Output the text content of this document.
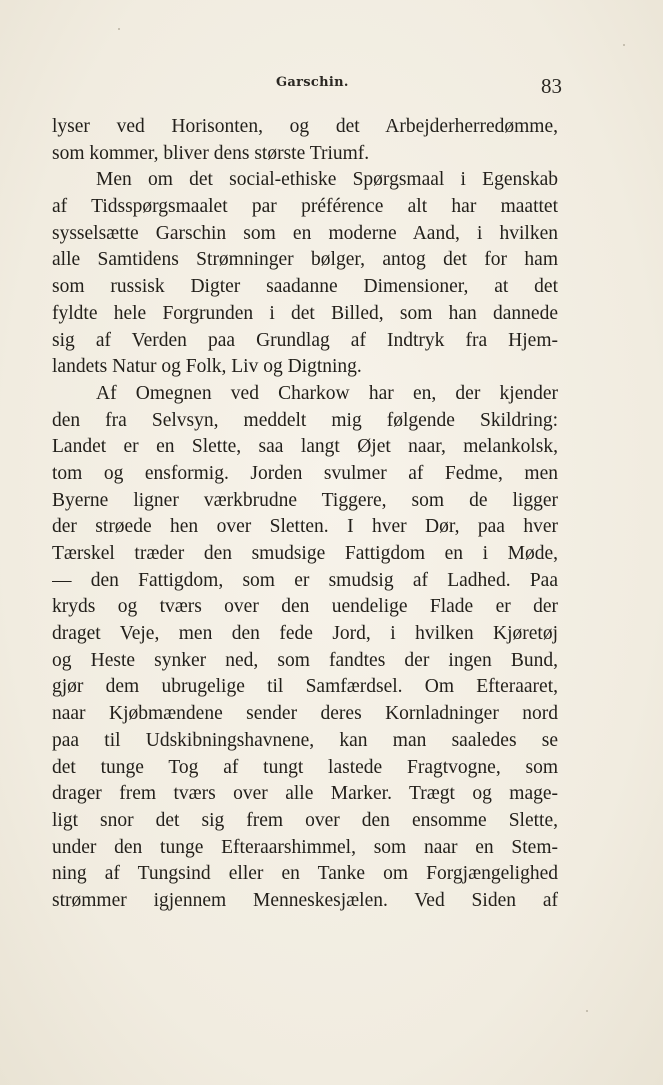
Garschin.	83
lyser ved Horisonten, og det Arbejderherredømme,
som kommer, bliver dens største Triumf.
Men om det social-ethiske Spørgsmaal i Egenskab
af Tidsspørgsmaalet par préférence alt har maattet
sysselsætte Garschin som en moderne Aand, i hvilken
alle Samtidens Strømninger bølger, antog det for ham
som russisk Digter saadanne Dimensioner, at det
fyldte hele Forgrunden i det Billed, som han dannede
sig af Verden paa Grundlag af Indtryk fra Hjem-
landets Natur og Folk, Liv og Digtning.
Af Omegnen ved Charkow har en, der kjender
den fra Selvsyn, meddelt mig følgende Skildring:
Landet er en Slette, saa langt Øjet naar, melankolsk,
tom og ensformig. Jorden svulmer af Fedme, men
Byerne ligner værkbrudne Tiggere, som de ligger
der strøede hen over Sletten. I hver Dør, paa hver
Tærskel træder den smudsige Fattigdom en i Møde,
— den Fattigdom, som er smudsig af Ladhed. Paa
kryds og tværs over den uendelige Flade er der
draget Veje, men den fede Jord, i hvilken Kjøretøj
og Heste synker ned, som fandtes der ingen Bund,
gjør dem ubrugelige til Samfærdsel. Om Efteraaret,
naar Kjøbmændene sender deres Kornladninger nord
paa til Udskibningshavnene, kan man saaledes se
det tunge Tog af tungt lastede Fragtvogne, som
drager frem tværs over alle Marker. Trægt og mage-
ligt snor det sig frem over den ensomme Slette,
under den tunge Efteraarshimmel, som naar en Stem-
ning af Tungsind eller en Tanke om Forgjængelighed
strømmer igjennem Menneskesjælen. Ved Siden af
